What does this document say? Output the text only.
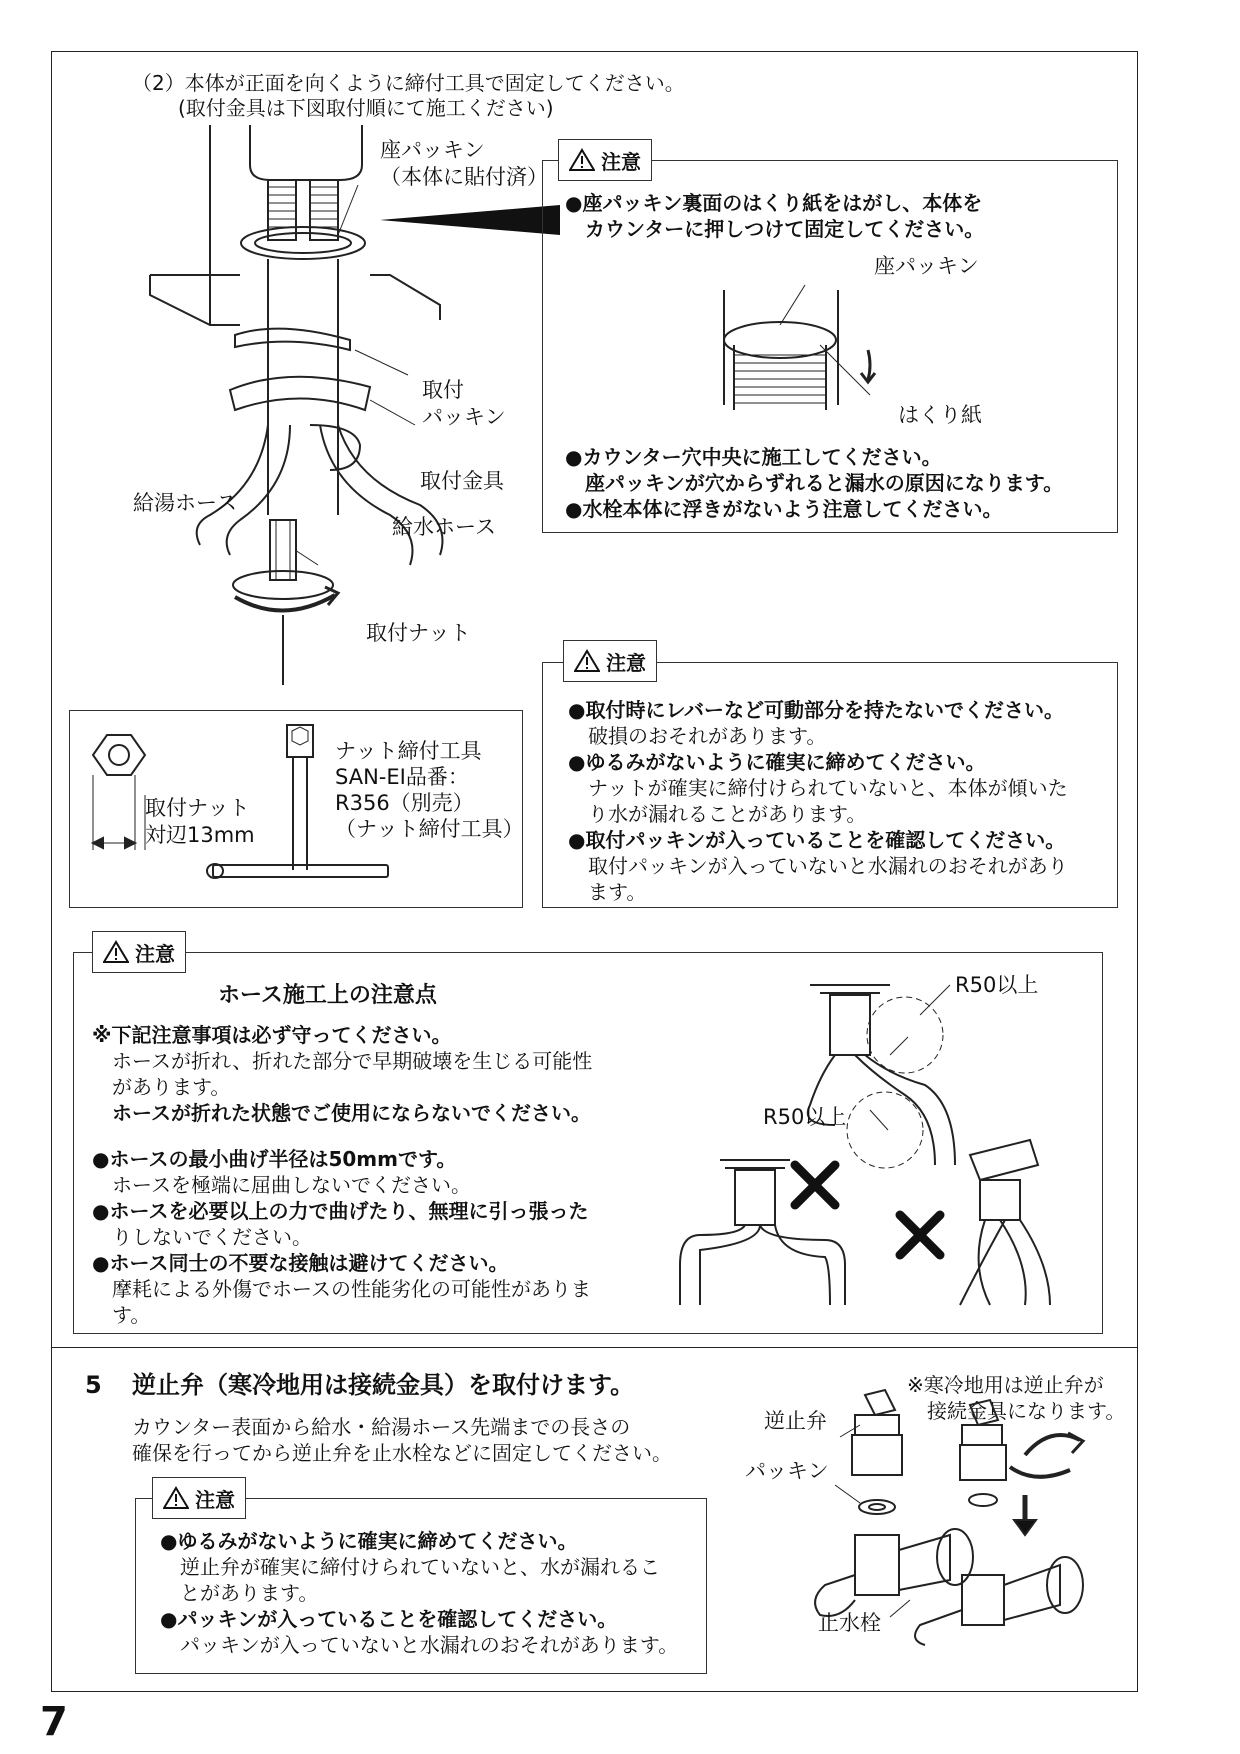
（2）本体が正面を向くように締付工具で固定してください。
(取付金具は下図取付順にて施工ください)
座パッキン
（本体に貼付済）
取付
パッキン
取付金具
給湯ホース
給水ホース
取付ナット
注意
●座パッキン裏面のはくり紙をはがし、本体を
　カウンターに押しつけて固定してください。
座パッキン
はくり紙
●カウンター穴中央に施工してください。
　座パッキンが穴からずれると漏水の原因になります。
●水栓本体に浮きがないよう注意してください。
取付ナット
対辺13mm
ナット締付工具
SAN-EI品番：
R356（別売）
（ナット締付工具）
注意
●取付時にレバーなど可動部分を持たないでください。
　破損のおそれがあります。
●ゆるみがないように確実に締めてください。
　ナットが確実に締付けられていないと、本体が傾いた
　り水が漏れることがあります。
●取付パッキンが入っていることを確認してください。
　取付パッキンが入っていないと水漏れのおそれがあり
　ます。
注意
ホース施工上の注意点
※下記注意事項は必ず守ってください。
　ホースが折れ、折れた部分で早期破壊を生じる可能性
　があります。
　ホースが折れた状態でご使用にならないでください。
●ホースの最小曲げ半径は50mmです。
　ホースを極端に屈曲しないでください。
●ホースを必要以上の力で曲げたり、無理に引っ張った
　りしないでください。
●ホース同士の不要な接触は避けてください。
　摩耗による外傷でホースの性能劣化の可能性がありま
　す。
R50以上
R50以上
5 逆止弁（寒冷地用は接続金具）を取付けます。
カウンター表面から給水・給湯ホース先端までの長さの
確保を行ってから逆止弁を止水栓などに固定してください。
※寒冷地用は逆止弁が
　接続金具になります。
逆止弁
パッキン
止水栓
注意
●ゆるみがないように確実に締めてください。
　逆止弁が確実に締付けられていないと、水が漏れるこ
　とがあります。
●パッキンが入っていることを確認してください。
　パッキンが入っていないと水漏れのおそれがあります。
7
